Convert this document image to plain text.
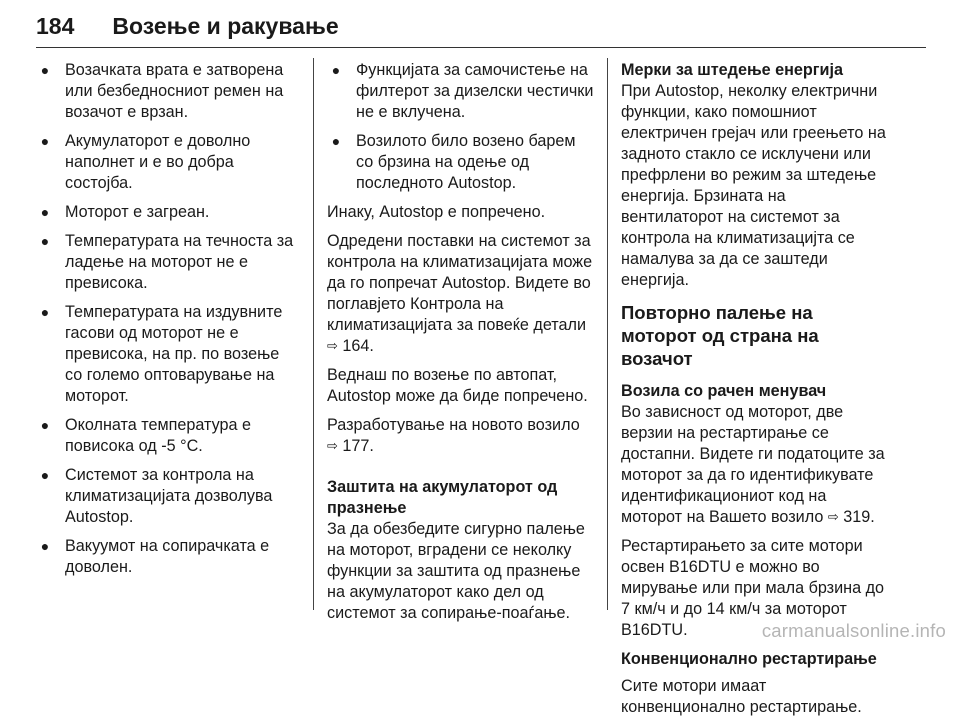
184 Возење и ракување
● Возачката врата е затворена или безбедносниот ремен на возачот е врзан.
● Акумулаторот е доволно наполнет и е во добра состојба.
● Моторот е загреан.
● Температурата на течноста за ладење на моторот не е превисока.
● Температурата на издувните гасови од моторот не е превисока, на пр. по возење со големо оптоварување на моторот.
● Околната температура е повисока од -5 °C.
● Системот за контрола на климатизацијата дозволува Autostop.
● Вакуумот на сопирачката е доволен.
● Функцијата за самочистење на филтерот за дизелски честички не е вклучена.
● Возилото било возено барем со брзина на одење од последното Autostop.

Инаку, Autostop е попречено.

Одредени поставки на системот за контрола на климатизацијата може да го попречат Autostop. Видете во поглавјето Контрола на климатизацијата за повеќе детали ⇨ 164.

Веднаш по возење по автопат, Autostop може да биде попречено.

Разработување на новото возило
⇨ 177.

Заштита на акумулаторот од празнење

За да обезбедите сигурно палење на моторот, вградени се неколку функции за заштита од празнење на акумулаторот како дел од системот за сопирање-поаѓање.

Мерки за штедење енергија

При Autostop, неколку електрични функции, како помошниот електричен грејач или греењето на задното стакло се исклучени или префрлени во режим за штедење енергија. Брзината на вентилаторот на системот за контрола на климатизацијта се намалува за да се заштеди енергија.

Повторно палење на моторот од страна на возачот

Возила со рачен менувач

Во зависност од моторот, две верзии на рестартирање се достапни. Видете ги податоците за моторот за да го идентификувате идентификациониот код на моторот на Вашето возило ⇨ 319.

Рестартирањето за сите мотори освен B16DTU е можно во мирување или при мала брзина до 7 км/ч и до 14 км/ч за моторот B16DTU.

Конвенционално рестартирање

Сите мотори имаат конвенционално рестартирање.

carmanualsonline.info
